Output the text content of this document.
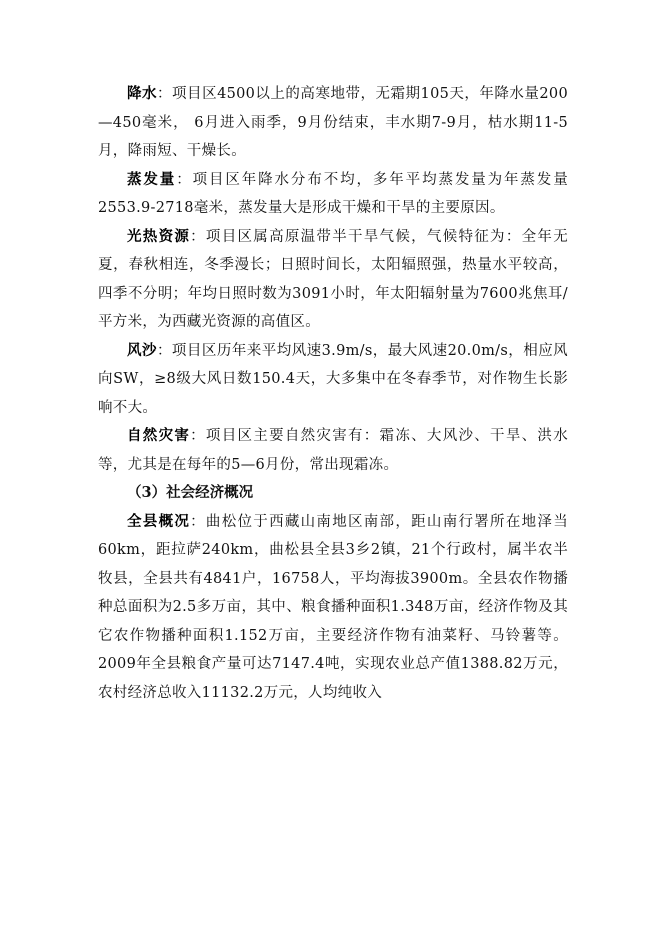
降水：项目区4500以上的高寒地带，无霜期105天，年降水量200—450毫米， 6月进入雨季，9月份结束，丰水期7-9月，枯水期11-5月，降雨短、干燥长。

蒸发量：项目区年降水分布不均，多年平均蒸发量为年蒸发量2553.9-2718毫米，蒸发量大是形成干燥和干旱的主要原因。

光热资源：项目区属高原温带半干旱气候，气候特征为：全年无夏，春秋相连，冬季漫长；日照时间长，太阳辐照强，热量水平较高，四季不分明；年均日照时数为3091小时，年太阳辐射量为7600兆焦耳/平方米，为西藏光资源的高值区。

风沙：项目区历年来平均风速3.9m/s，最大风速20.0m/s，相应风向SW，≥8级大风日数150.4天，大多集中在冬春季节，对作物生长影响不大。

自然灾害：项目区主要自然灾害有：霜冻、大风沙、干旱、洪水等，尤其是在每年的5—6月份，常出现霜冻。

（3）社会经济概况

全县概况：曲松位于西藏山南地区南部，距山南行署所在地泽当60km，距拉萨240km，曲松县全县3乡2镇，21个行政村，属半农半牧县，全县共有4841户，16758人，平均海拔3900m。全县农作物播种总面积为2.5多万亩，其中、粮食播种面积1.348万亩，经济作物及其它农作物播种面积1.152万亩，主要经济作物有油菜籽、马铃薯等。2009年全县粮食产量可达7147.4吨，实现农业总产值1388.82万元，农村经济总收入11132.2万元，人均纯收入
